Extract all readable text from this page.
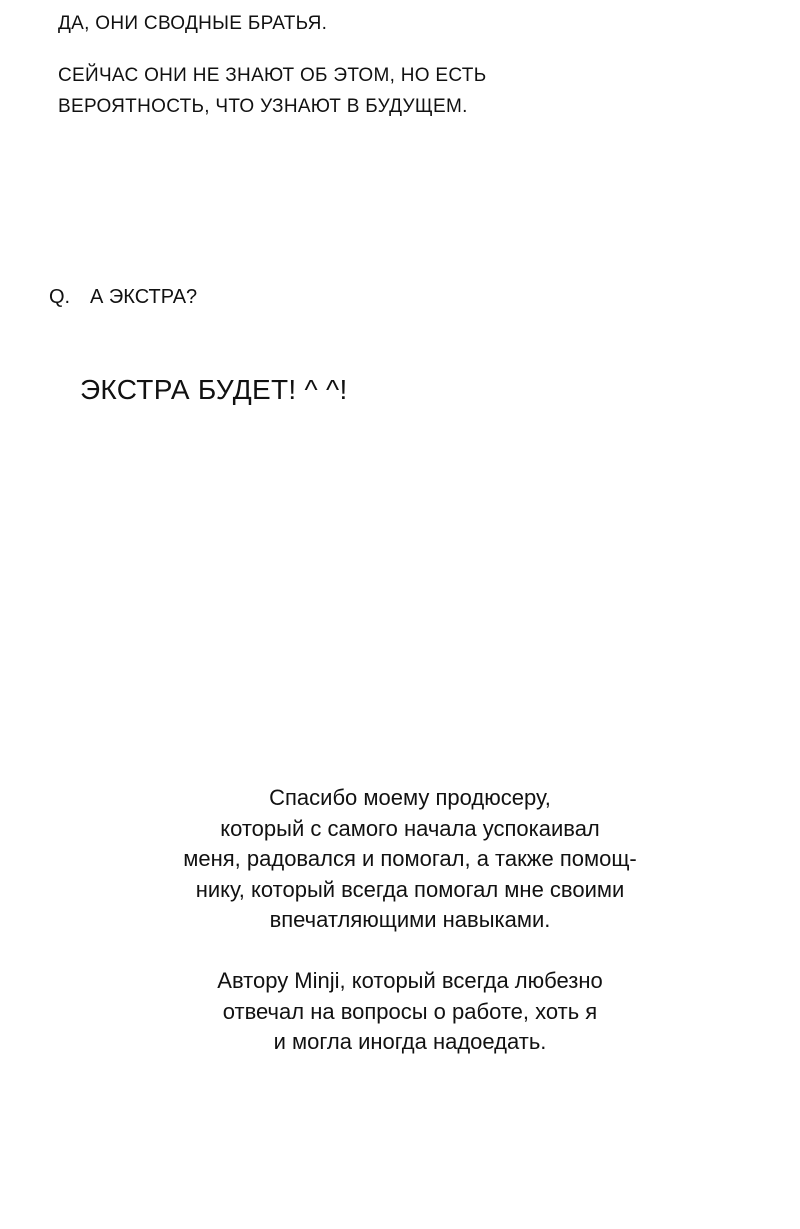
ДА, ОНИ СВОДНЫЕ БРАТЬЯ.
СЕЙЧАС ОНИ НЕ ЗНАЮТ ОБ ЭТОМ, НО ЕСТЬ
ВЕРОЯТНОСТЬ, ЧТО УЗНАЮТ В БУДУЩЕМ.
Q. А ЭКСТРА?
ЭКСТРА БУДЕТ! ^ ^!
Спасибо моему продюсеру,
который с самого начала успокаивал
меня, радовался и помогал, а также помощ-
нику, который всегда помогал мне своими
впечатляющими навыками.
Автору Minji, который всегда любезно
отвечал на вопросы о работе, хоть я
и могла иногда надоедать.
